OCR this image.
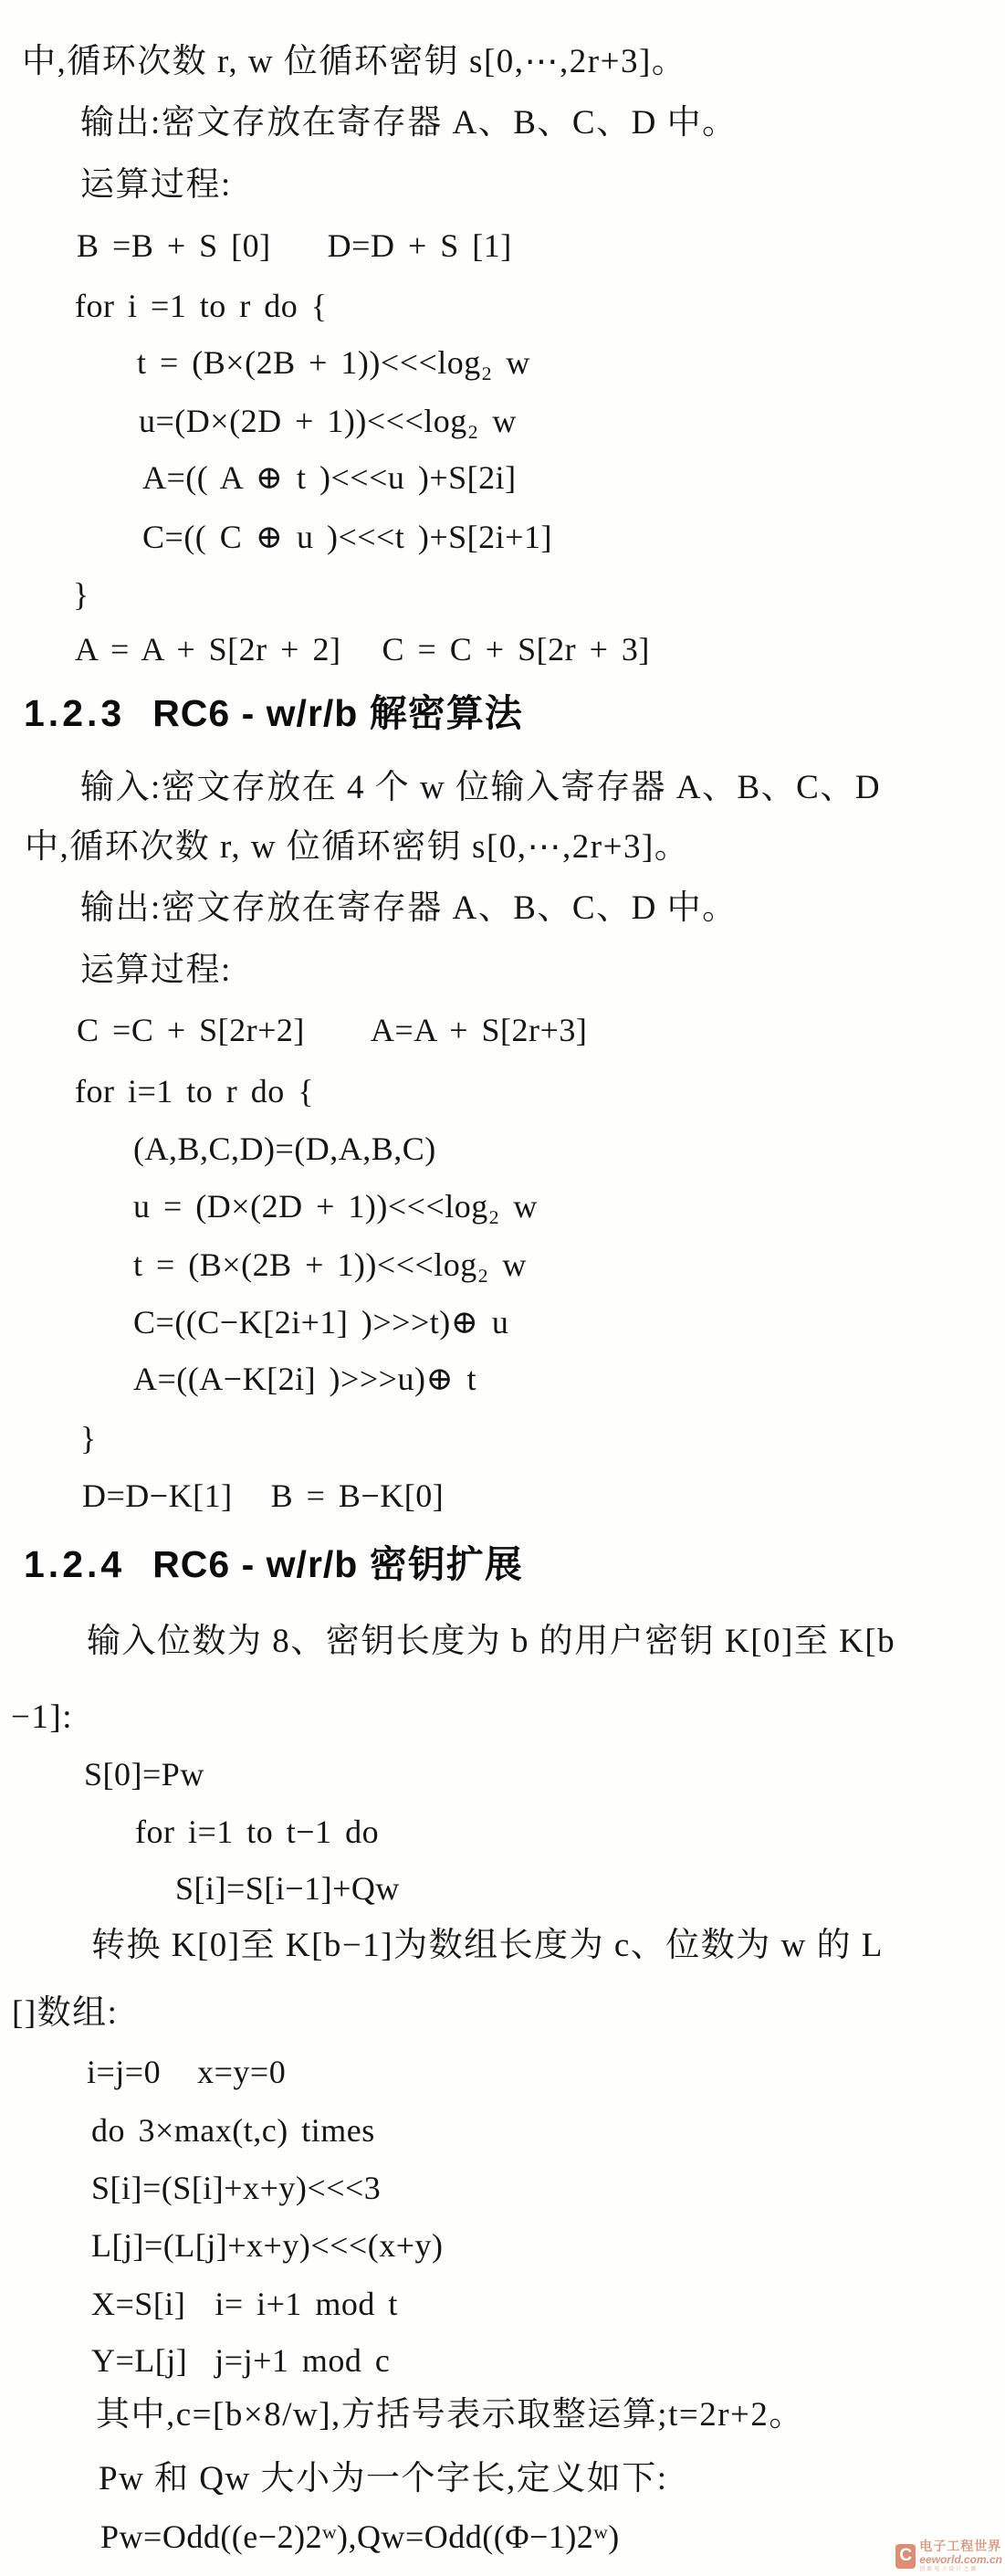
中,循环次数 r, w 位循环密钥 s[0,⋯,2r+3]。
输出:密文存放在寄存器 A、B、C、D 中。
运算过程:
B =B + S [0] D=D + S [1]
for i =1 to r do {
t = (B×(2B + 1))<<<log₂ w
u=(D×(2D + 1))<<<log₂ w
A=(( A ⊕ t )<<<u )+S[2i]
C=(( C ⊕ u )<<<t )+S[2i+1]
}
A = A + S[2r + 2] C = C + S[2r + 3]
1.2.3 RC6 - w/r/b 解密算法
输入:密文存放在 4 个 w 位输入寄存器 A、B、C、D
中,循环次数 r, w 位循环密钥 s[0,⋯,2r+3]。
输出:密文存放在寄存器 A、B、C、D 中。
运算过程:
C =C + S[2r+2] A=A + S[2r+3]
for i=1 to r do {
(A,B,C,D)=(D,A,B,C)
u = (D×(2D + 1))<<<log₂ w
t = (B×(2B + 1))<<<log₂ w
C=((C−K[2i+1] )>>>t)⊕ u
A=((A−K[2i] )>>>u)⊕ t
}
D=D−K[1] B = B−K[0]
1.2.4 RC6 - w/r/b 密钥扩展
输入位数为 8、密钥长度为 b 的用户密钥 K[0]至 K[b
−1]:
S[0]=Pw
for i=1 to t−1 do
S[i]=S[i−1]+Qw
转换 K[0]至 K[b−1]为数组长度为 c、位数为 w 的 L
[]数组:
i=j=0 x=y=0
do 3×max(t,c) times
S[i]=(S[i]+x+y)<<<3
L[j]=(L[j]+x+y)<<<(x+y)
X=S[i] i= i+1 mod t
Y=L[j] j=j+1 mod c
其中,c=[b×8/w],方括号表示取整运算;t=2r+2。
Pw 和 Qw 大小为一个字长,定义如下:
Pw=Odd((e−2)2ʷ),Qw=Odd((Φ−1)2ʷ)
C 电子工程世界
eeworld.com.cn
创新电子设计之源
